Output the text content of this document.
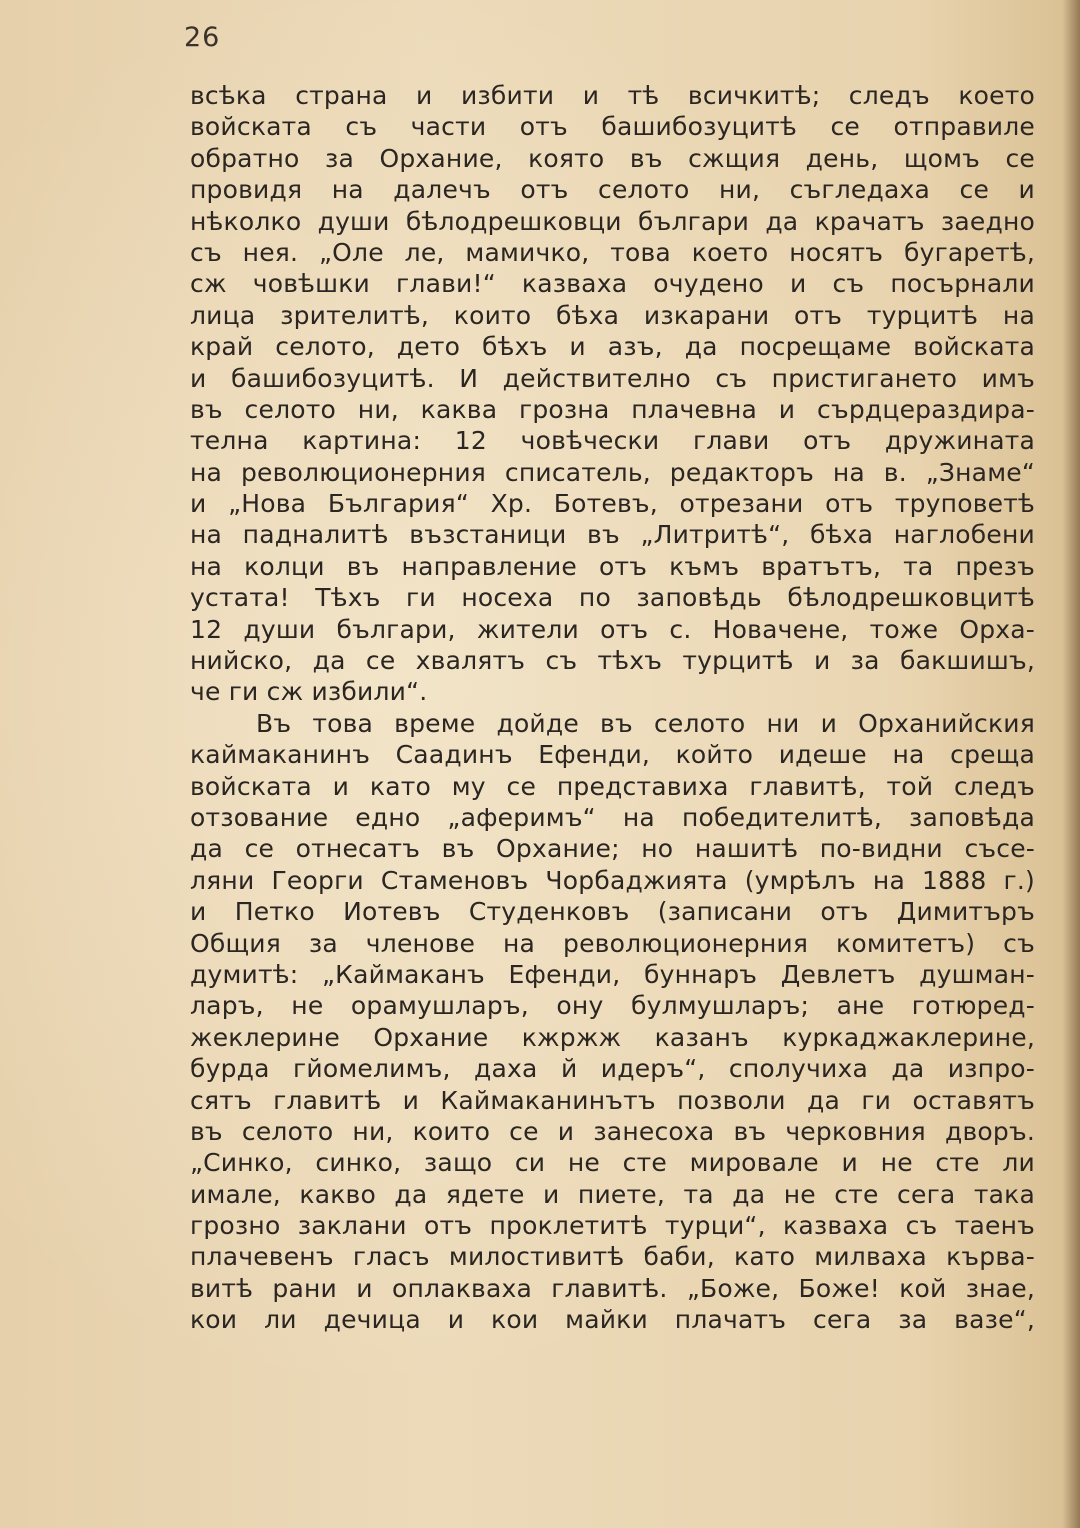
26
всѣка страна и избити и тѣ всичкитѣ; следъ което
войската съ части отъ башибозуцитѣ се отправиле
обратно за Орхание, която въ сжщия день, щомъ се
провидя на далечъ отъ селото ни, съгледаха се и
нѣколко души бѣлодрешковци българи да крачатъ заедно
съ нея. „Оле ле, мамичко, това което носятъ бугаретѣ,
сж човѣшки глави!“ казваха очудено и съ посърнали
лица зрителитѣ, които бѣха изкарани отъ турцитѣ на
край селото, дето бѣхъ и азъ, да посрещаме войската
и башибозуцитѣ. И действително съ пристигането имъ
въ селото ни, каква грозна плачевна и сърдцераздира-
телна картина: 12 човѣчески глави отъ дружината
на революционерния списатель, редакторъ на в. „Знаме“
и „Нова България“ Хр. Ботевъ, отрезани отъ труповетѣ
на падналитѣ възстаници въ „Литритѣ“, бѣха наглобени
на колци въ направление отъ къмъ вратътъ, та презъ
устата! Тѣхъ ги носеха по заповѣдь бѣлодрешковцитѣ
12 души българи, жители отъ с. Новачене, тоже Орха-
нийско, да се хвалятъ съ тѣхъ турцитѣ и за бакшишъ,
че ги сж избили“.
Въ това време дойде въ селото ни и Орханийския
каймаканинъ Саадинъ Ефенди, който идеше на среща
войската и като му се представиха главитѣ, той следъ
отзование едно „аферимъ“ на победителитѣ, заповѣда
да се отнесатъ въ Орхание; но нашитѣ по-видни съсе-
ляни Георги Стаменовъ Чорбаджията (умрѣлъ на 1888 г.)
и Петко Иотевъ Студенковъ (записани отъ Димитъръ
Общия за членове на революционерния комитетъ) съ
думитѣ: „Каймаканъ Ефенди, буннаръ Девлетъ душман-
ларъ, не орамушларъ, ону булмушларъ; ане готюред-
жеклерине Орхание кжржж казанъ куркаджаклерине,
бурда гйомелимъ, даха й идеръ“, сполучиха да изпро-
сятъ главитѣ и Каймаканинътъ позволи да ги оставятъ
въ селото ни, които се и занесоха въ черковния дворъ.
„Синко, синко, защо си не сте мировале и не сте ли
имале, какво да ядете и пиете, та да не сте сега така
грозно заклани отъ проклетитѣ турци“, казваха съ таенъ
плачевенъ гласъ милостивитѣ баби, като милваха кърва-
витѣ рани и оплакваха главитѣ. „Боже, Боже! кой знае,
кои ли дечица и кои майки плачатъ сега за вазе“,
